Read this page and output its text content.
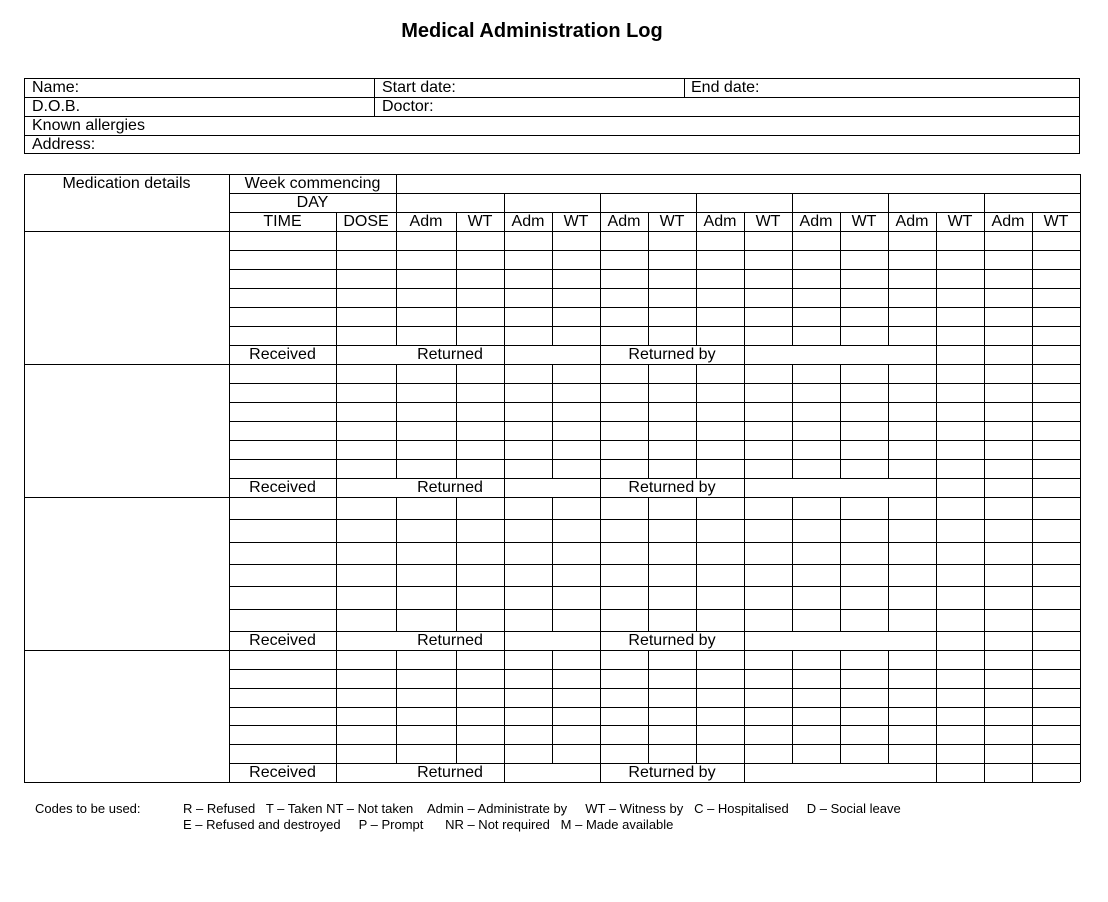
Medical Administration Log
Name:	Start date:	End date:
D.O.B.	Doctor:
Known allergies
Address:
Medication details	Week commencing
DAY
TIME	DOSE	Adm	WT	Adm	WT	Adm	WT	Adm	WT	Adm	WT	Adm	WT	Adm	WT
Received	Returned	Returned by
Received	Returned	Returned by
Received	Returned	Returned by
Received	Returned	Returned by
Codes to be used:	R – Refused   T – Taken NT – Not taken    Admin – Administrate by     WT – Witness by   C – Hospitalised     D – Social leave
E – Refused and destroyed     P – Prompt      NR – Not required   M – Made available
